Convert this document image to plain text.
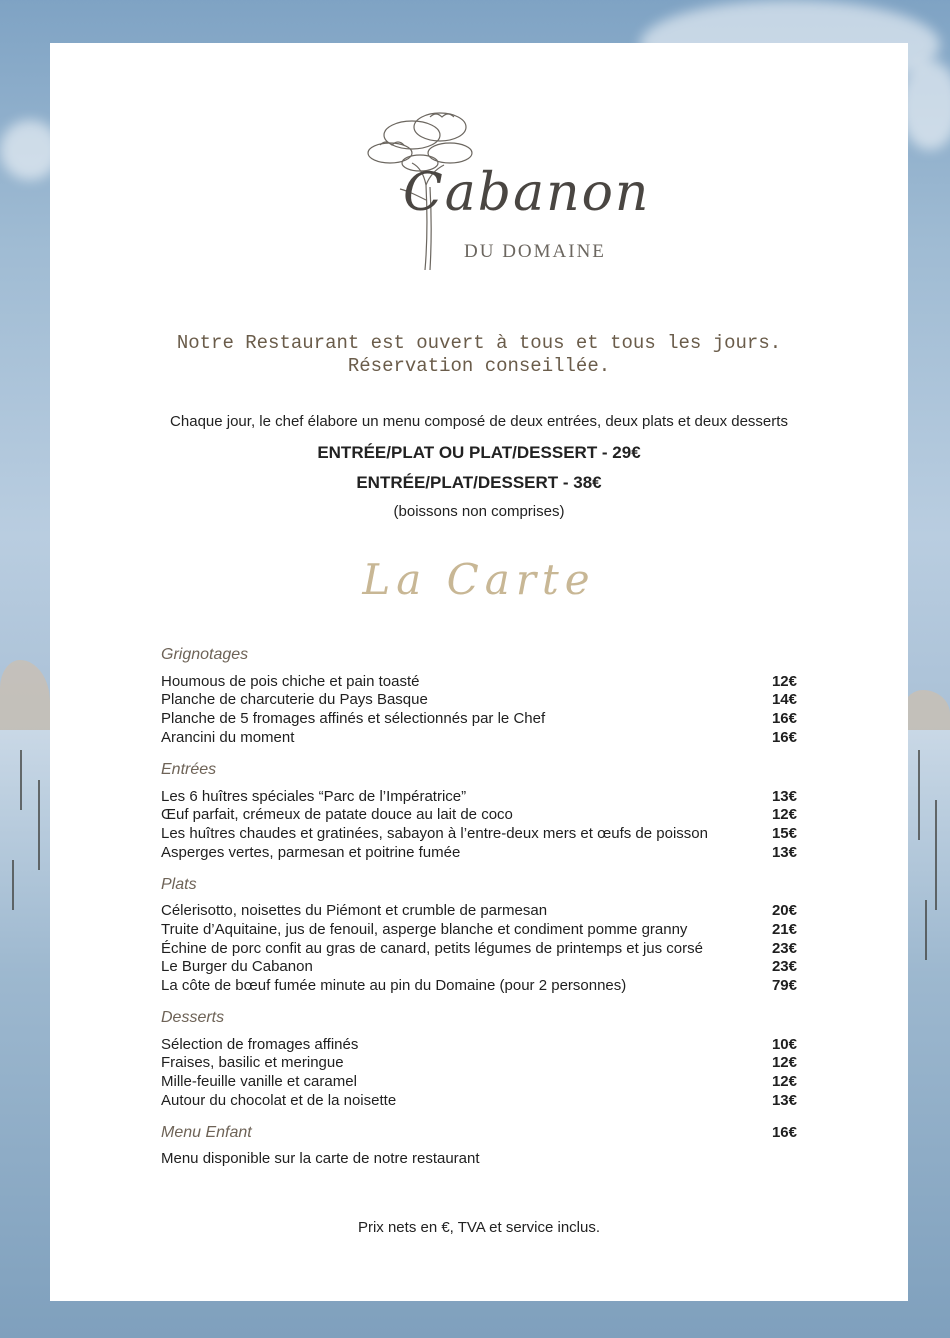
Cabanon
DU DOMAINE
Notre Restaurant est ouvert à tous et tous les jours.
Réservation conseillée.
Chaque jour, le chef élabore un menu composé de deux entrées, deux plats et deux desserts
ENTRÉE/PLAT OU PLAT/DESSERT - 29€
ENTRÉE/PLAT/DESSERT - 38€
(boissons non comprises)
La Carte
Grignotages
Houmous de pois chiche et pain toasté	12€
Planche de charcuterie du Pays Basque	14€
Planche de 5 fromages affinés et sélectionnés par le Chef	16€
Arancini du moment	16€
Entrées
Les 6 huîtres spéciales “Parc de l’Impératrice”	13€
Œuf parfait, crémeux de patate douce au lait de coco	12€
Les huîtres chaudes et gratinées, sabayon à l’entre-deux mers et œufs de poisson	15€
Asperges vertes, parmesan et poitrine fumée	13€
Plats
Célerisotto, noisettes du Piémont et crumble de parmesan	20€
Truite d’Aquitaine, jus de fenouil, asperge blanche et condiment pomme granny	21€
Échine de porc confit au gras de canard, petits légumes de printemps et jus corsé	23€
Le Burger du Cabanon	23€
La côte de bœuf fumée minute au pin du Domaine (pour 2 personnes)	79€
Desserts
Sélection de fromages affinés	10€
Fraises, basilic et meringue	12€
Mille-feuille vanille et caramel	12€
Autour du chocolat et de la noisette	13€
Menu Enfant	16€
Menu disponible sur la carte de notre restaurant
Prix nets en €, TVA et service inclus.
